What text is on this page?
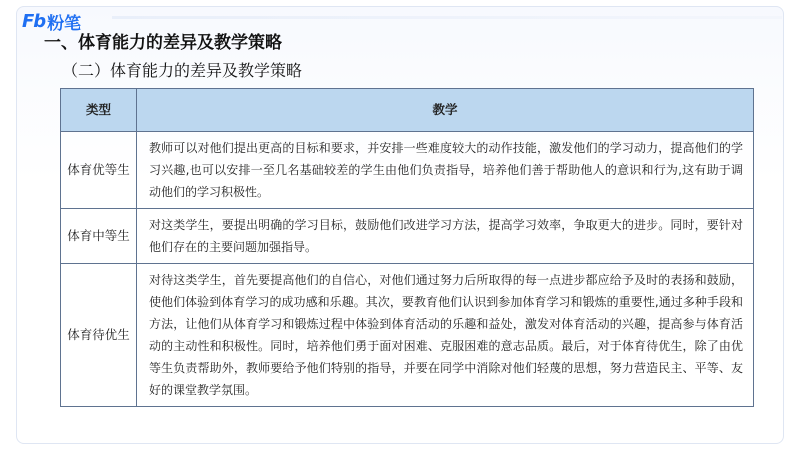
Fb 粉笔
一、体育能力的差异及教学策略
（二）体育能力的差异及教学策略
类型	教学
体育优等生	教师可以对他们提出更高的目标和要求，并安排一些难度较大的动作技能，激发他们的学习动力，提高他们的学习兴趣,也可以安排一至几名基础较差的学生由他们负责指导，培养他们善于帮助他人的意识和行为,这有助于调动他们的学习积极性。
体育中等生	对这类学生，要提出明确的学习目标，鼓励他们改进学习方法，提高学习效率，争取更大的进步。同时，要针对他们存在的主要问题加强指导。
体育待优生	对待这类学生，首先要提高他们的自信心，对他们通过努力后所取得的每一点进步都应给予及时的表扬和鼓励，使他们体验到体育学习的成功感和乐趣。其次，要教育他们认识到参加体育学习和锻炼的重要性,通过多种手段和方法，让他们从体育学习和锻炼过程中体验到体育活动的乐趣和益处，激发对体育活动的兴趣，提高参与体育活动的主动性和积极性。同时，培养他们勇于面对困难、克服困难的意志品质。最后，对于体育待优生，除了由优等生负责帮助外，教师要给予他们特别的指导，并要在同学中消除对他们轻蔑的思想，努力营造民主、平等、友好的课堂教学氛围。
